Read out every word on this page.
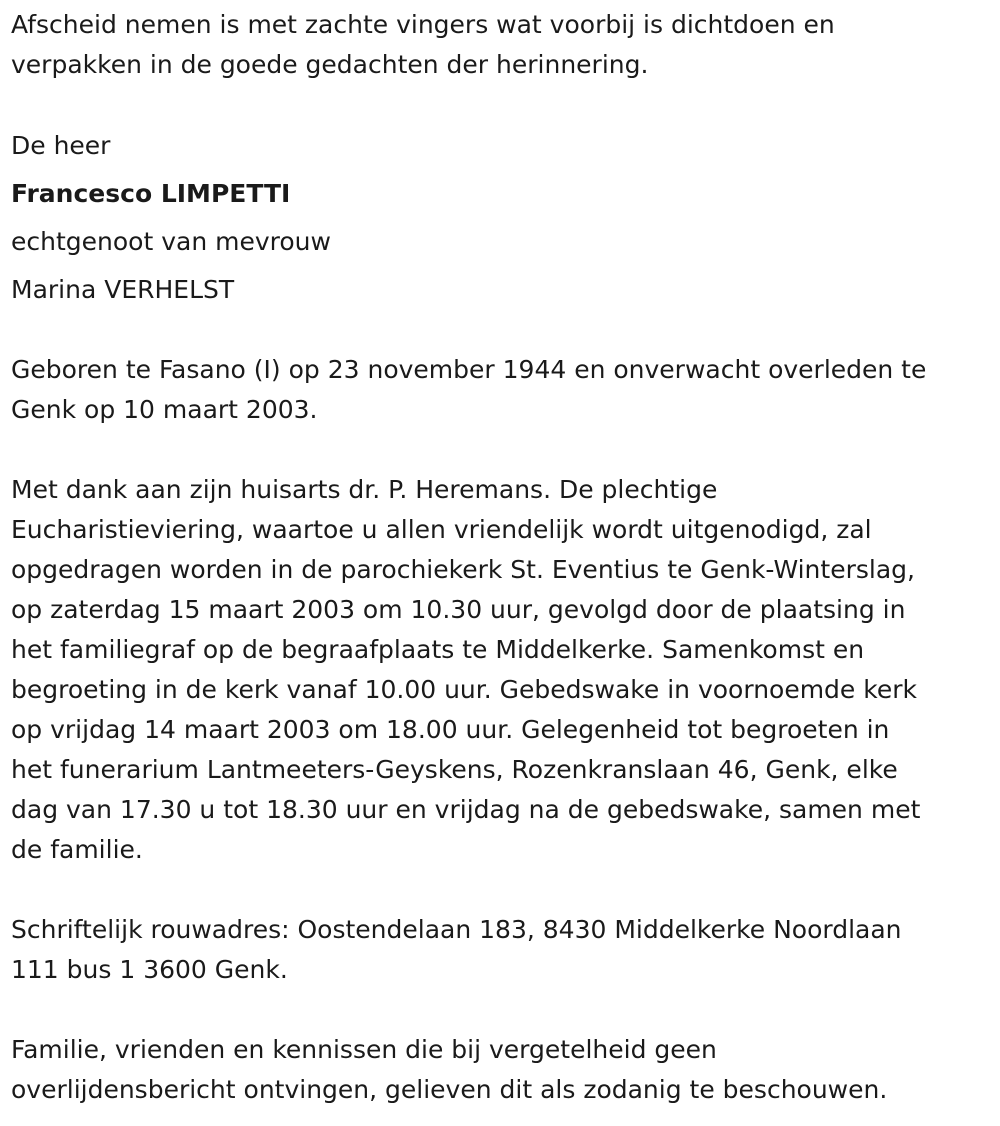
Afscheid nemen is met zachte vingers wat voorbij is dichtdoen en
verpakken in de goede gedachten der herinnering.

De heer

Francesco LIMPETTI

echtgenoot van mevrouw

Marina VERHELST

Geboren te Fasano (I) op 23 november 1944 en onverwacht overleden te
Genk op 10 maart 2003.

Met dank aan zijn huisarts dr. P. Heremans. De plechtige
Eucharistieviering, waartoe u allen vriendelijk wordt uitgenodigd, zal
opgedragen worden in de parochiekerk St. Eventius te Genk-Winterslag,
op zaterdag 15 maart 2003 om 10.30 uur, gevolgd door de plaatsing in
het familiegraf op de begraafplaats te Middelkerke. Samenkomst en
begroeting in de kerk vanaf 10.00 uur. Gebedswake in voornoemde kerk
op vrijdag 14 maart 2003 om 18.00 uur. Gelegenheid tot begroeten in
het funerarium Lantmeeters-Geyskens, Rozenkranslaan 46, Genk, elke
dag van 17.30 u tot 18.30 uur en vrijdag na de gebedswake, samen met
de familie.

Schriftelijk rouwadres: Oostendelaan 183, 8430 Middelkerke Noordlaan
111 bus 1 3600 Genk.

Familie, vrienden en kennissen die bij vergetelheid geen
overlijdensbericht ontvingen, gelieven dit als zodanig te beschouwen.
